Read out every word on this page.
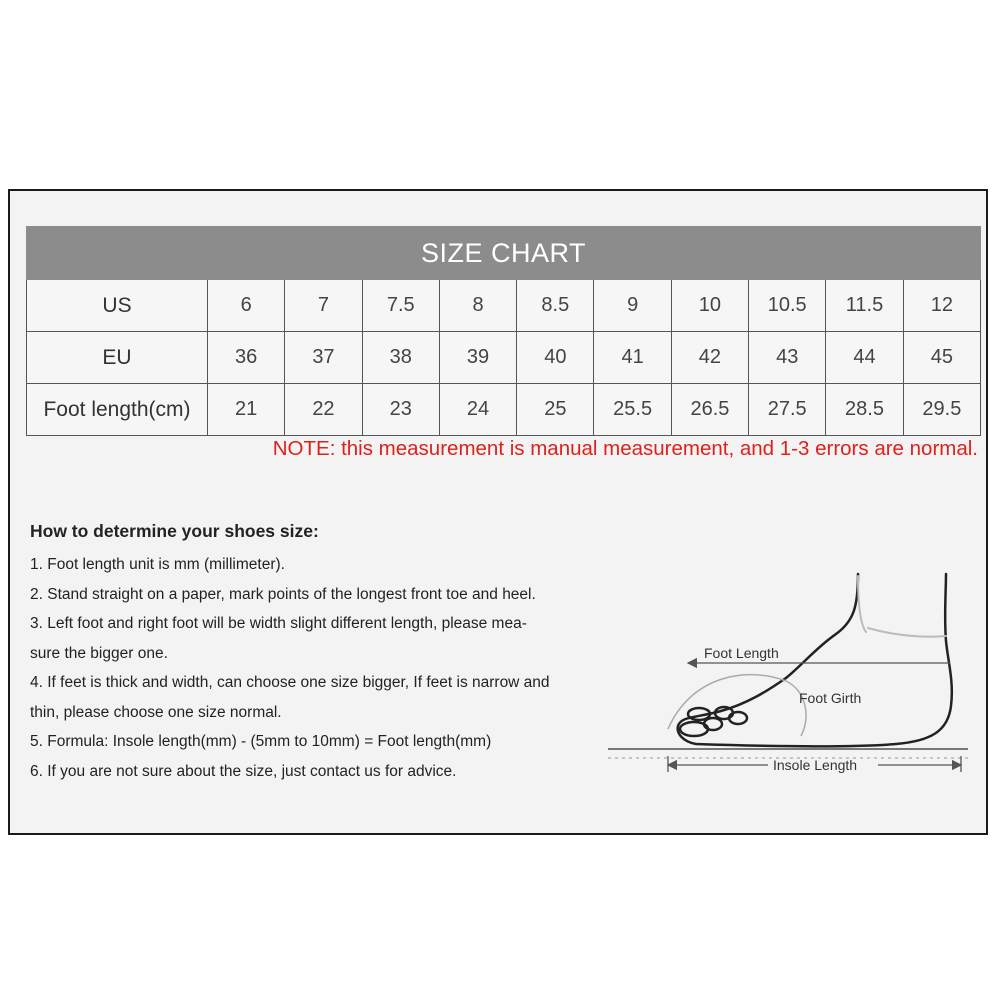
SIZE CHART										
US	6	7	7.5	8	8.5	9	10	10.5	11.5	12
EU	36	37	38	39	40	41	42	43	44	45
Foot length(cm)	21	22	23	24	25	25.5	26.5	27.5	28.5	29.5
NOTE: this measurement is manual measurement, and 1-3 errors are normal.
How to determine your shoes size:
1. Foot length unit is mm (millimeter).
2. Stand straight on a paper, mark points of the longest front toe and heel.
3. Left foot and right foot will be width slight different length, please mea-
sure the bigger one.
4. If feet is thick and width, can choose one size bigger, If feet is narrow and
thin, please choose one size normal.
5. Formula: Insole length(mm) - (5mm to 10mm) = Foot length(mm)
6. If you are not sure about the size, just contact us for advice.
Foot Length
Foot Girth
Insole Length
